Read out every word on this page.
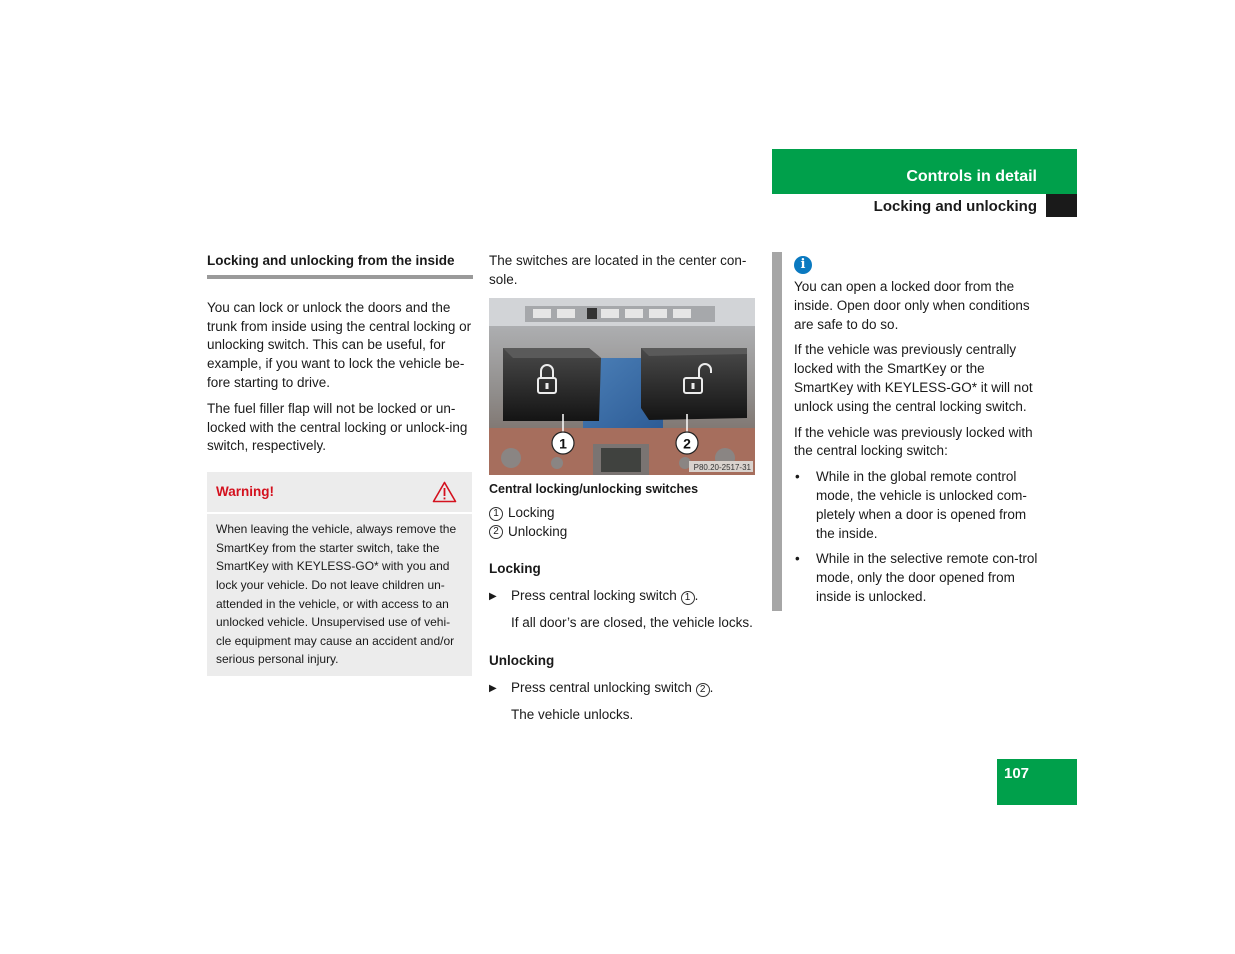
Controls in detail
Locking and unlocking
Locking and unlocking from the inside

You can lock or unlock the doors and the trunk from inside using the central locking or unlocking switch. This can be useful, for example, if you want to lock the vehicle be-fore starting to drive.

The fuel filler flap will not be locked or un-locked with the central locking or unlock-ing switch, respectively.

Warning!
When leaving the vehicle, always remove the SmartKey from the starter switch, take the SmartKey with KEYLESS-GO* with you and lock your vehicle. Do not leave children un-attended in the vehicle, or with access to an unlocked vehicle. Unsupervised use of vehi-cle equipment may cause an accident and/or serious personal injury.

The switches are located in the center con-sole.

1	2
P80.20-2517-31
Central locking/unlocking switches
1 Locking
2 Unlocking
Locking
▶	Press central locking switch 1 .

If all door’s are closed, the vehicle locks.

Unlocking
▶	Press central unlocking switch 2 .

The vehicle unlocks.

i

You can open a locked door from the inside. Open door only when conditions are safe to do so.

If the vehicle was previously centrally locked with the SmartKey or the SmartKey with KEYLESS-GO* it will not unlock using the central locking switch.

If the vehicle was previously locked with the central locking switch:

•	While in the global remote control mode, the vehicle is unlocked com-pletely when a door is opened from the inside.
•	While in the selective remote con-trol mode, only the door opened from inside is unlocked.
107
